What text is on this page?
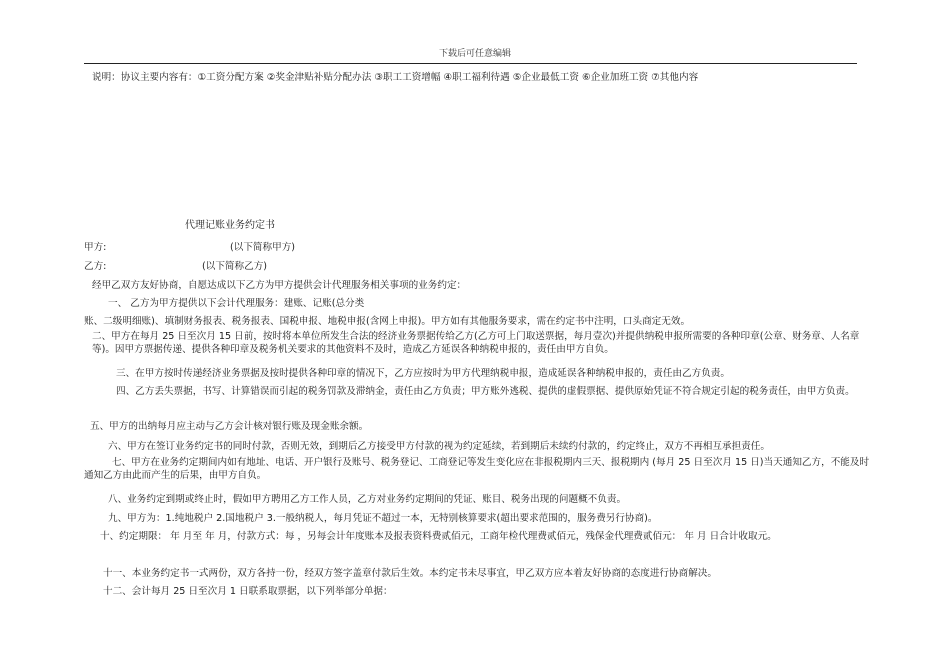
下载后可任意编辑
说明：协议主要内容有：①工资分配方案 ②奖金津贴补贴分配办法 ③职工工资增幅 ④职工福利待遇 ⑤企业最低工资 ⑥企业加班工资 ⑦其他内容
代理记账业务约定书
甲方:	(以下简称甲方)
乙方:	(以下简称乙方)
经甲乙双方友好协商，自愿达成以下乙方为甲方提供会计代理服务相关事项的业务约定：
一、 乙方为甲方提供以下会计代理服务：建账、记账(总分类
账、二级明细账)、填制财务报表、税务报表、国税申报、地税申报(含网上申报)。甲方如有其他服务要求，需在约定书中注明，口头商定无效。
二、甲方在每月 25 日至次月 15 日前，按时将本单位所发生合法的经济业务票据传给乙方(乙方可上门取送票据，每月壹次)并提供纳税申报所需要的各种印章(公章、财务章、人名章等)。因甲方票据传递、提供各种印章及税务机关要求的其他资料不及时，造成乙方延误各种纳税申报的，责任由甲方自负。
三、在甲方按时传递经济业务票据及按时提供各种印章的情况下，乙方应按时为甲方代理纳税申报，造成延误各种纳税申报的，责任由乙方负责。
四、乙方丢失票据，书写、计算错误而引起的税务罚款及滞纳金，责任由乙方负责；甲方账外逃税、提供的虚假票据、提供原始凭证不符合规定引起的税务责任，由甲方负责。
五、甲方的出纳每月应主动与乙方会计核对银行账及现金账余额。
六、甲方在签订业务约定书的同时付款，否则无效，到期后乙方接受甲方付款的视为约定延续，若到期后未续约付款的，约定终止，双方不再相互承担责任。
七、甲方在业务约定期间内如有地址、电话、开户银行及账号、税务登记、工商登记等发生变化应在非报税期内三天、报税期内 (每月 25 日至次月 15 日)当天通知乙方，不能及时通知乙方由此而产生的后果，由甲方自负。
八、业务约定到期或终止时，假如甲方聘用乙方工作人员，乙方对业务约定期间的凭证、账目、税务出现的问题概不负责。
九、甲方为：1.纯地税户 2.国地税户 3.一般纳税人，每月凭证不超过一本，无特别核算要求(超出要求范围的，服务费另行协商)。
十、约定期限： 年 月至 年 月，付款方式：每 ，另每会计年度账本及报表资料费贰佰元，工商年检代理费贰佰元，残保金代理费贰佰元： 年 月 日合计收取元。
十一、本业务约定书一式两份，双方各持一份，经双方签字盖章付款后生效。本约定书未尽事宜，甲乙双方应本着友好协商的态度进行协商解决。
十二、会计每月 25 日至次月 1 日联系取票据，以下列举部分单据：
